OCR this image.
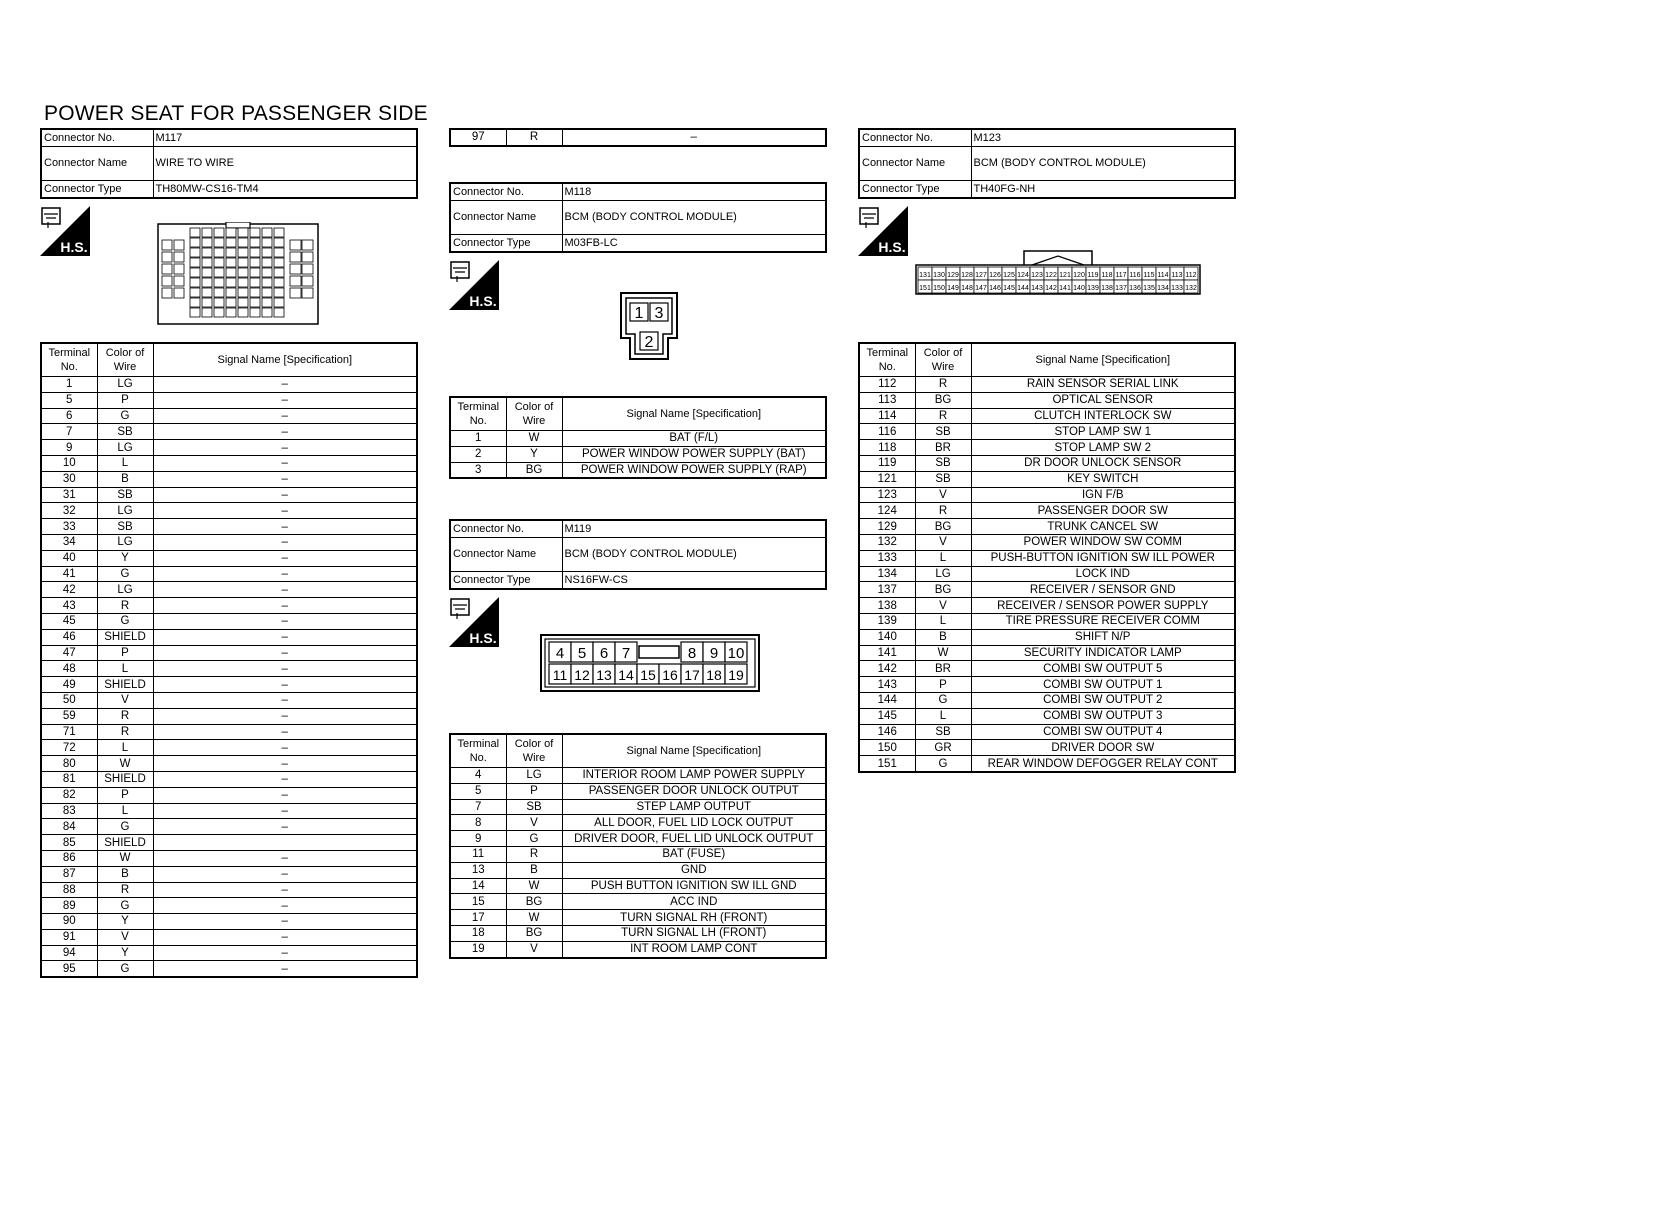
POWER SEAT FOR PASSENGER SIDE
Connector No.	M117
Connector Name	WIRE TO WIRE
Connector Type	TH80MW-CS16-TM4
H.S.
Terminal No.	Color of Wire	Signal Name [Specification]
1	LG	–
5	P	–
6	G	–
7	SB	–
9	LG	–
10	L	–
30	B	–
31	SB	–
32	LG	–
33	SB	–
34	LG	–
40	Y	–
41	G	–
42	LG	–
43	R	–
45	G	–
46	SHIELD	–
47	P	–
48	L	–
49	SHIELD	–
50	V	–
59	R	–
71	R	–
72	L	–
80	W	–
81	SHIELD	–
82	P	–
83	L	–
84	G	–
85	SHIELD	
86	W	–
87	B	–
88	R	–
89	G	–
90	Y	–
91	V	–
94	Y	–
95	G	–
97	R	–
Connector No.	M118
Connector Name	BCM (BODY CONTROL MODULE)
Connector Type	M03FB-LC
H.S.
1 3
2
Terminal No.	Color of Wire	Signal Name [Specification]
1	W	BAT (F/L)
2	Y	POWER WINDOW POWER SUPPLY (BAT)
3	BG	POWER WINDOW POWER SUPPLY (RAP)
Connector No.	M119
Connector Name	BCM (BODY CONTROL MODULE)
Connector Type	NS16FW-CS
H.S.
4 5 6 7	8 9 10
11 12 13 14 15 16 17 18 19
Terminal No.	Color of Wire	Signal Name [Specification]
4	LG	INTERIOR ROOM LAMP POWER SUPPLY
5	P	PASSENGER DOOR UNLOCK OUTPUT
7	SB	STEP LAMP OUTPUT
8	V	ALL DOOR, FUEL LID LOCK OUTPUT
9	G	DRIVER DOOR, FUEL LID UNLOCK OUTPUT
11	R	BAT (FUSE)
13	B	GND
14	W	PUSH BUTTON IGNITION SW ILL GND
15	BG	ACC IND
17	W	TURN SIGNAL RH (FRONT)
18	BG	TURN SIGNAL LH (FRONT)
19	V	INT ROOM LAMP CONT
Connector No.	M123
Connector Name	BCM (BODY CONTROL MODULE)
Connector Type	TH40FG-NH
H.S.
131 130 129 128 127 126 125 124 123 122 121 120 119 118 117 116 115 114 113 112
151 150 149 148 147 146 145 144 143 142 141 140 139 138 137 136 135 134 133 132
Terminal No.	Color of Wire	Signal Name [Specification]
112	R	RAIN SENSOR SERIAL LINK
113	BG	OPTICAL SENSOR
114	R	CLUTCH INTERLOCK SW
116	SB	STOP LAMP SW 1
118	BR	STOP LAMP SW 2
119	SB	DR DOOR UNLOCK SENSOR
121	SB	KEY SWITCH
123	V	IGN F/B
124	R	PASSENGER DOOR SW
129	BG	TRUNK CANCEL SW
132	V	POWER WINDOW SW COMM
133	L	PUSH-BUTTON IGNITION SW ILL POWER
134	LG	LOCK IND
137	BG	RECEIVER / SENSOR GND
138	V	RECEIVER / SENSOR POWER SUPPLY
139	L	TIRE PRESSURE RECEIVER COMM
140	B	SHIFT N/P
141	W	SECURITY INDICATOR LAMP
142	BR	COMBI SW OUTPUT 5
143	P	COMBI SW OUTPUT 1
144	G	COMBI SW OUTPUT 2
145	L	COMBI SW OUTPUT 3
146	SB	COMBI SW OUTPUT 4
150	GR	DRIVER DOOR SW
151	G	REAR WINDOW DEFOGGER RELAY CONT
